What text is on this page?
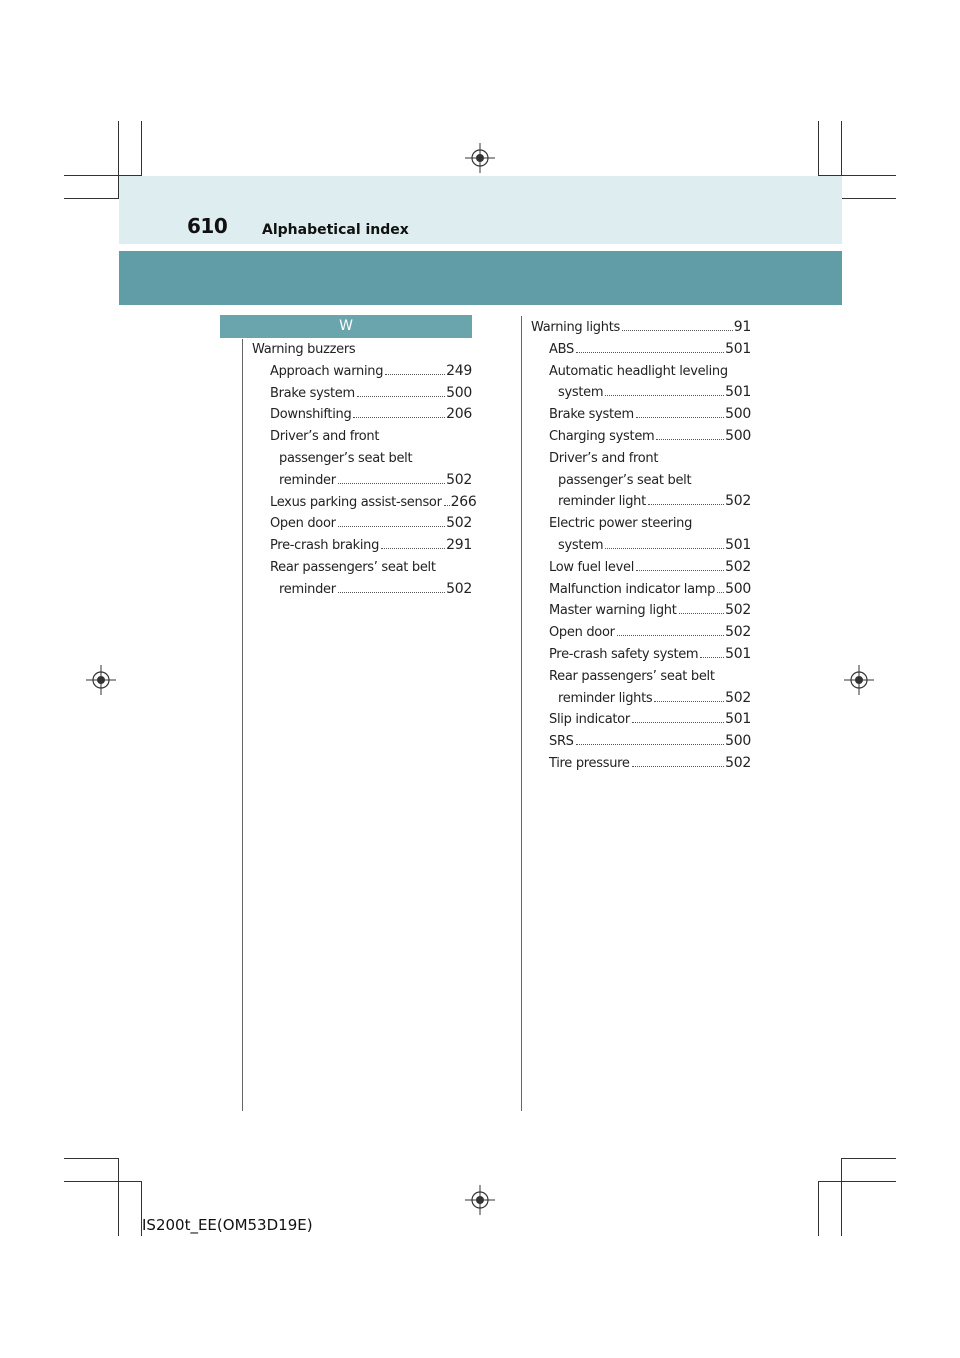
610 Alphabetical index
W
Warning buzzers
Approach warning	249
Brake system	500
Downshifting	206
Driver’s and front
passenger’s seat belt
reminder	502
Lexus parking assist-sensor 266
Open door	502
Pre-crash braking	291
Rear passengers’ seat belt
reminder	502
Warning lights	91
ABS	501
Automatic headlight leveling
system	501
Brake system	500
Charging system	500
Driver’s and front
passenger’s seat belt
reminder light	502
Electric power steering
system	501
Low fuel level	502
Malfunction indicator lamp 500
Master warning light	502
Open door	502
Pre-crash safety system 501
Rear passengers’ seat belt
reminder lights	502
Slip indicator	501
SRS	500
Tire pressure	502
IS200t_EE(OM53D19E)
